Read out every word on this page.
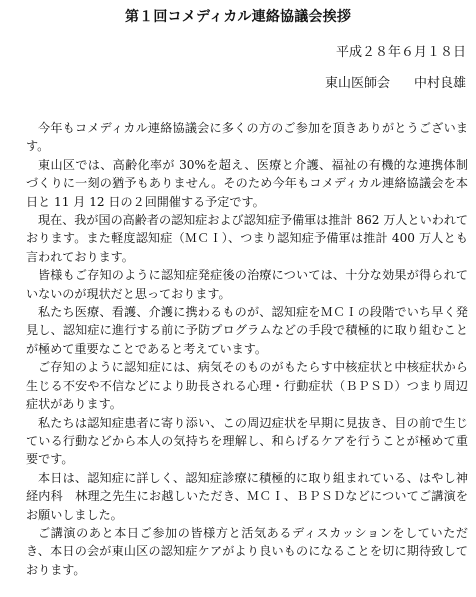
第１回コメディカル連絡協議会挨拶
平成２８年６月１８日
東山医師会 中村良雄

今年もコメディカル連絡協議会に多くの方のご参加を頂きありがとうございます。

東山区では、高齢化率が 30%を超え、医療と介護、福祉の有機的な連携体制づくりに一刻の猶予もありません。そのため今年もコメディカル連絡協議会を本日と 11 月 12 日の２回開催する予定です。

現在、我が国の高齢者の認知症および認知症予備軍は推計 862 万人といわれております。また軽度認知症（ＭＣＩ）、つまり認知症予備軍は推計 400 万人とも言われております。

皆様もご存知のように認知症発症後の治療については、十分な効果が得られていないのが現状だと思っております。

私たち医療、看護、介護に携わるものが、認知症をＭＣＩの段階でいち早く発見し、認知症に進行する前に予防プログラムなどの手段で積極的に取り組むことが極めて重要なことであると考えています。

ご存知のように認知症には、病気そのものがもたらす中核症状と中核症状から生じる不安や不信などにより助長される心理・行動症状（ＢＰＳＤ）つまり周辺症状があります。

私たちは認知症患者に寄り添い、この周辺症状を早期に見抜き、目の前で生じている行動などから本人の気持ちを理解し、和らげるケアを行うことが極めて重要です。

本日は、認知症に詳しく、認知症診療に積極的に取り組まれている、はやし神経内科　林理之先生にお越しいただき、ＭＣＩ、ＢＰＳＤなどについてご講演をお願いしました。

ご講演のあと本日ご参加の皆様方と活気あるディスカッションをしていただき、本日の会が東山区の認知症ケアがより良いものになることを切に期待致しております。
